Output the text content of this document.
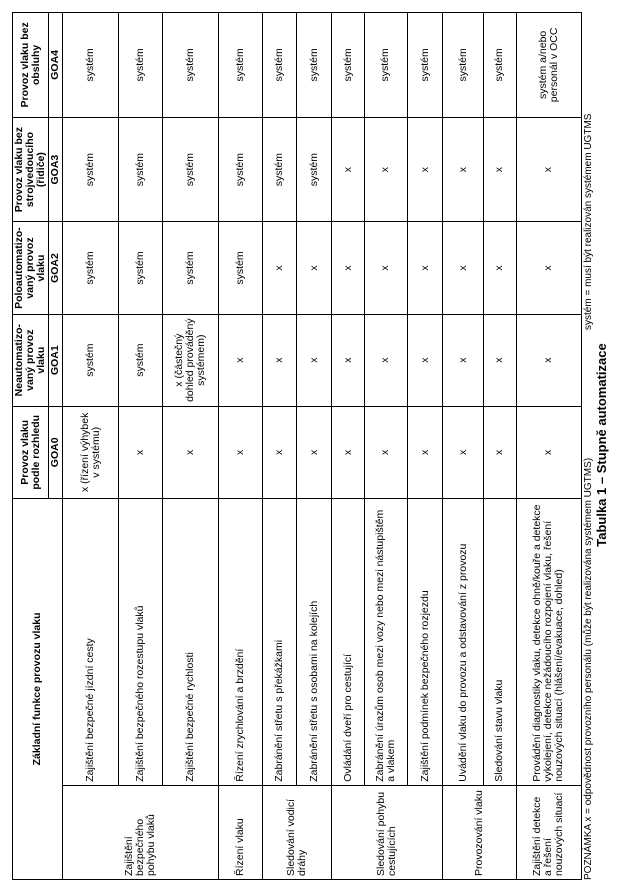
Tabulka 1 – Stupně automatizace
Základní funkce provozu vlaku		Provoz vlaku podle rozhledu	Neautomatizo-vaný provoz vlaku	Poloautomatizo-vaný provoz vlaku	Provoz vlaku bez strojvedoucího (řidiče)	Provoz vlaku bez obsluhy
		GOA0	GOA1	GOA2	GOA3	GOA4
Zajištění bezpečného pohybu vlaků	Zajištění bezpečné jízdní cesty	x (řízení výhybek v systému)	systém	systém	systém	systém
	Zajištění bezpečného rozestupu vlaků	x	systém	systém	systém	systém
	Zajištění bezpečné rychlosti	x	x (částečný dohled prováděný systémem)	systém	systém	systém
Řízení vlaku	Řízení zrychlování a brzdění	x	x	systém	systém	systém
Sledování vodicí dráhy	Zabránění střetu s překážkami	x	x	x	systém	systém
	Zabránění střetu s osobami na kolejích	x	x	x	systém	systém
Sledování pohybu cestujících	Ovládání dveří pro cestující	x	x	x	x	systém
	Zabránění úrazům osob mezi vozy nebo mezi nástupištěm a vlakem	x	x	x	x	systém
	Zajištění podmínek bezpečného rozjezdu	x	x	x	x	systém
Provozování vlaku	Uvádění vlaku do provozu a odstavování z provozu	x	x	x	x	systém
	Sledování stavu vlaku	x	x	x	x	systém
Zajištění detekce a řešení nouzových situací	Provádění diagnostiky vlaku, detekce ohně/kouře a detekce vykolejení, detekce nežádoucího rozpojení vlaku, řešení nouzových situací (hlášení/evakuace, dohled)	x	x	x	x	systém a/nebo personál v OCC
POZNÁMKA x = odpovědnost provozního personálu (může být realizována systémem UGTMS)
systém = musí být realizován systémem UGTMS
